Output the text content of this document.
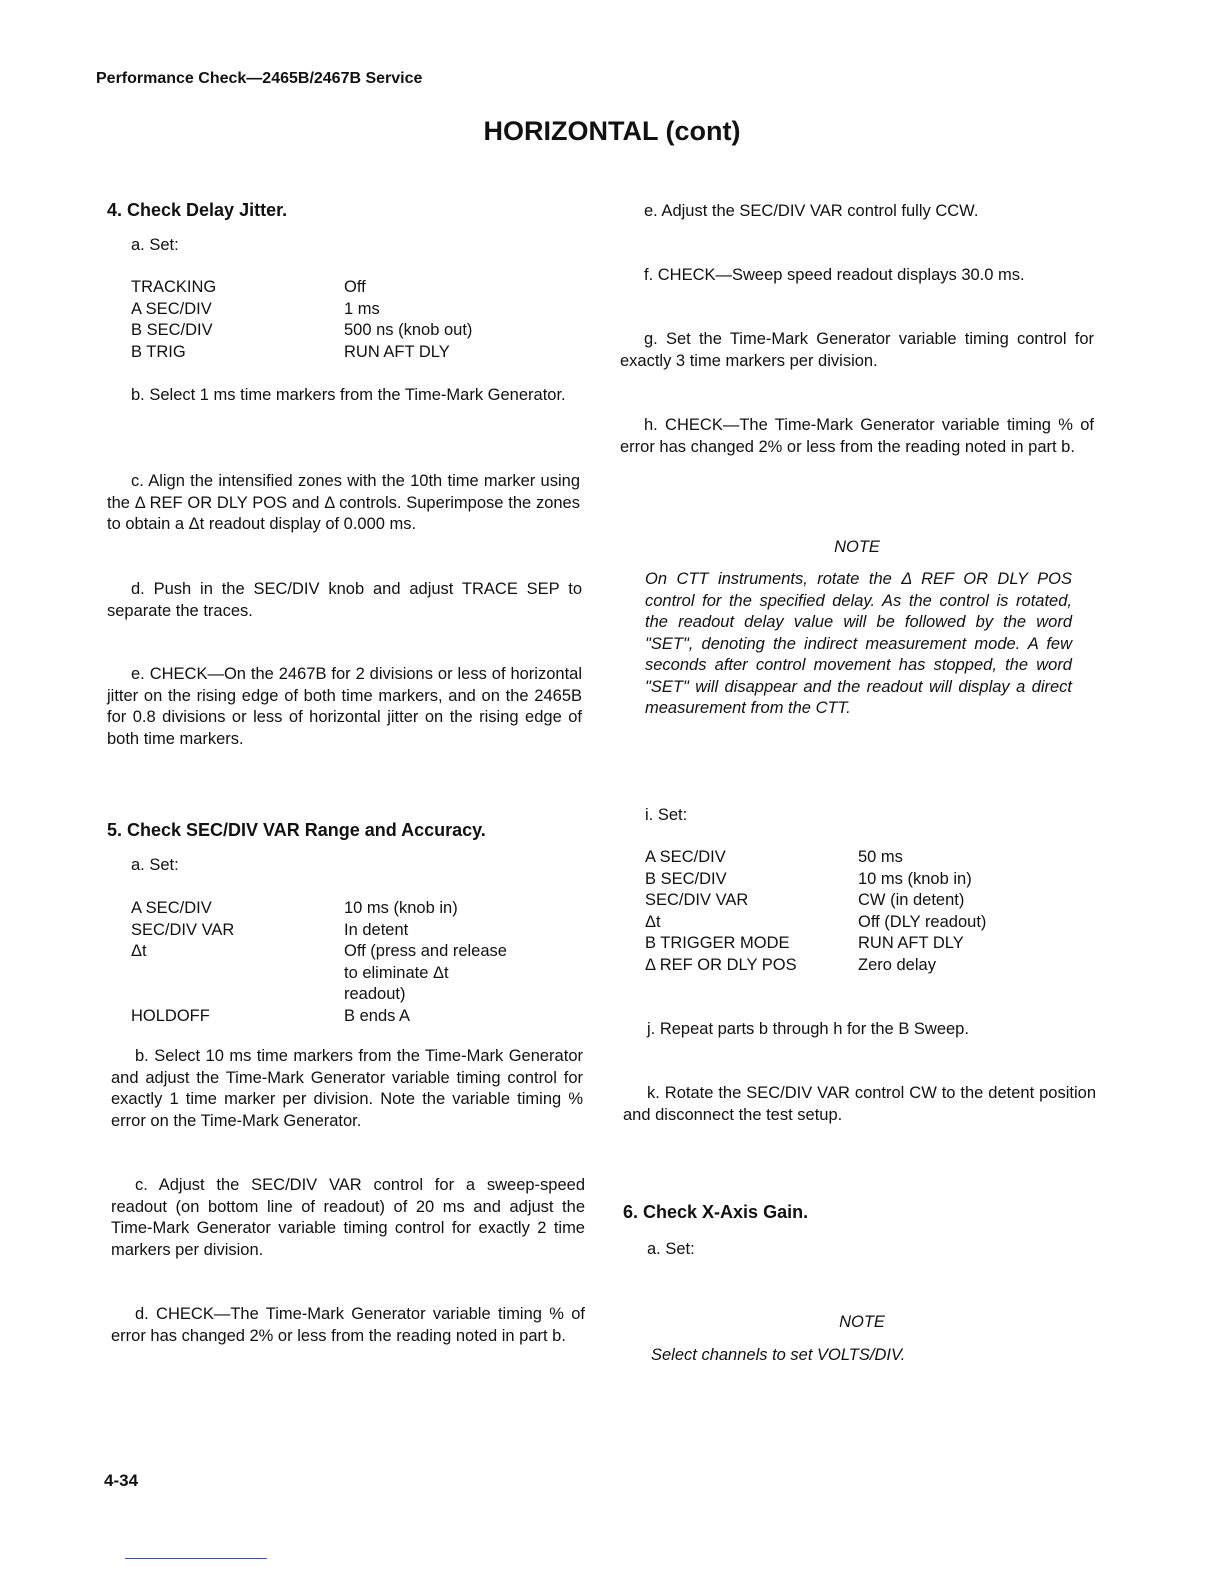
Performance Check—2465B/2467B Service
HORIZONTAL (cont)
4. Check Delay Jitter.
a. Set:
TRACKING	Off
A SEC/DIV	1 ms
B SEC/DIV	500 ns (knob out)
B TRIG	RUN AFT DLY
b. Select 1 ms time markers from the Time-Mark Generator.
c. Align the intensified zones with the 10th time marker using the Δ REF OR DLY POS and Δ controls. Superimpose the zones to obtain a Δt readout display of 0.000 ms.
d. Push in the SEC/DIV knob and adjust TRACE SEP to separate the traces.
e. CHECK—On the 2467B for 2 divisions or less of horizontal jitter on the rising edge of both time markers, and on the 2465B for 0.8 divisions or less of horizontal jitter on the rising edge of both time markers.
5. Check SEC/DIV VAR Range and Accuracy.
a. Set:
A SEC/DIV	10 ms (knob in)
SEC/DIV VAR	In detent
Δt	Off (press and release
to eliminate Δt
readout)
HOLDOFF	B ends A
b. Select 10 ms time markers from the Time-Mark Generator and adjust the Time-Mark Generator variable timing control for exactly 1 time marker per division. Note the variable timing % error on the Time-Mark Generator.
c. Adjust the SEC/DIV VAR control for a sweep-speed readout (on bottom line of readout) of 20 ms and adjust the Time-Mark Generator variable timing control for exactly 2 time markers per division.
d. CHECK—The Time-Mark Generator variable timing % of error has changed 2% or less from the reading noted in part b.
e. Adjust the SEC/DIV VAR control fully CCW.
f. CHECK—Sweep speed readout displays 30.0 ms.
g. Set the Time-Mark Generator variable timing control for exactly 3 time markers per division.
h. CHECK—The Time-Mark Generator variable timing % of error has changed 2% or less from the reading noted in part b.
NOTE
On CTT instruments, rotate the Δ REF OR DLY POS control for the specified delay. As the control is rotated, the readout delay value will be followed by the word "SET", denoting the indirect measurement mode. A few seconds after control movement has stopped, the word "SET" will disappear and the readout will display a direct measurement from the CTT.
i. Set:
A SEC/DIV	50 ms
B SEC/DIV	10 ms (knob in)
SEC/DIV VAR	CW (in detent)
Δt	Off (DLY readout)
B TRIGGER MODE	RUN AFT DLY
Δ REF OR DLY POS	Zero delay
j. Repeat parts b through h for the B Sweep.
k. Rotate the SEC/DIV VAR control CW to the detent position and disconnect the test setup.
6. Check X-Axis Gain.
a. Set:
NOTE
Select channels to set VOLTS/DIV.
4-34
